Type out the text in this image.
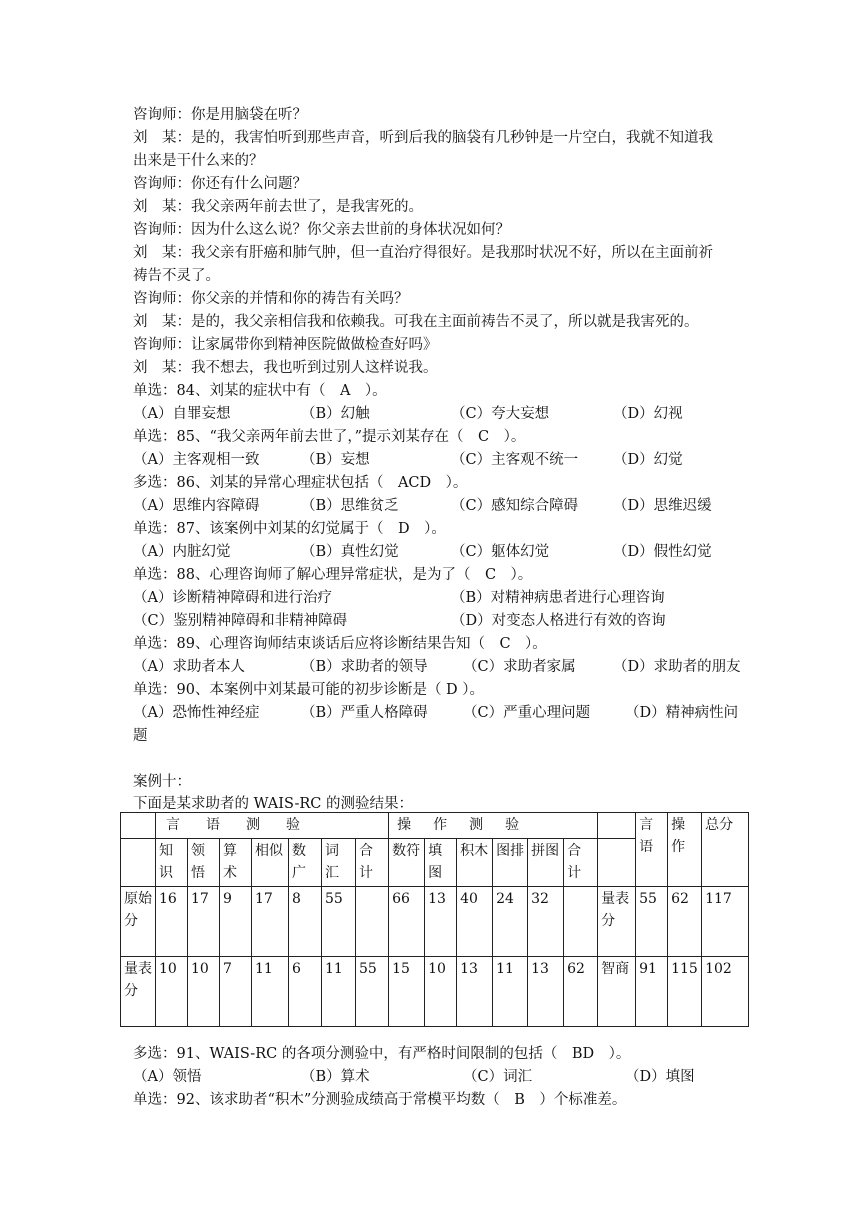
咨询师：你是用脑袋在听？
刘　某：是的，我害怕听到那些声音，听到后我的脑袋有几秒钟是一片空白，我就不知道我
出来是干什么来的？
咨询师：你还有什么问题？
刘　某：我父亲两年前去世了，是我害死的。
咨询师：因为什么这么说？你父亲去世前的身体状况如何？
刘　某：我父亲有肝癌和肺气肿，但一直治疗得很好。是我那时状况不好，所以在主面前祈
祷告不灵了。
咨询师：你父亲的并情和你的祷告有关吗？
刘　某：是的，我父亲相信我和依赖我。可我在主面前祷告不灵了，所以就是我害死的。
咨询师：让家属带你到精神医院做做检查好吗》
刘　某：我不想去，我也听到过别人这样说我。
单选：84、刘某的症状中有（　A　）。
（A）自罪妄想	（B）幻触	（C）夸大妄想	（D）幻视
单选：85、“我父亲两年前去世了，”提示刘某存在（　C　）。
（A）主客观相一致	（B）妄想	（C）主客观不统一 （D）幻觉
多选：86、刘某的异常心理症状包括（　ACD　）。
（A）思维内容障碍	（B）思维贫乏	（C）感知综合障碍 （D）思维迟缓
单选：87、该案例中刘某的幻觉属于（　D　）。
（A）内脏幻觉	（B）真性幻觉	（C）躯体幻觉	（D）假性幻觉
单选：88、心理咨询师了解心理异常症状，是为了（　C　）。
（A）诊断精神障碍和进行治疗	（B）对精神病患者进行心理咨询
（C）鉴别精神障碍和非精神障碍	（D）对变态人格进行有效的咨询
单选：89、心理咨询师结束谈话后应将诊断结果告知（　C　）。
（A）求助者本人	（B）求助者的领导 （C）求助者家属	（D）求助者的朋友
单选：90、本案例中刘某最可能的初步诊断是（ D ）。
（A）恐怖性神经症	（B）严重人格障碍 （C）严重心理问题 （D）精神病性问
题
案例十：
下面是某求助者的 WAIS-RC 的测验结果：
	言语测验							操作测验							言语	操作	总分
	知识	领悟	算术	相似	数广	词汇	合计	数符	填图	积木	图排	拼图	合计				
原始分	16	17	9	17	8	55		66	13	40	24	32		量表分	55	62	117
量表分	10	10	7	11	6	11	55	15	10	13	11	13	62	智商	91	115	102
多选：91、WAIS-RC 的各项分测验中，有严格时间限制的包括（　BD　）。
（A）领悟	（B）算术	（C）词汇	（D）填图
单选：92、该求助者“积木”分测验成绩高于常模平均数（　B　）个标准差。
